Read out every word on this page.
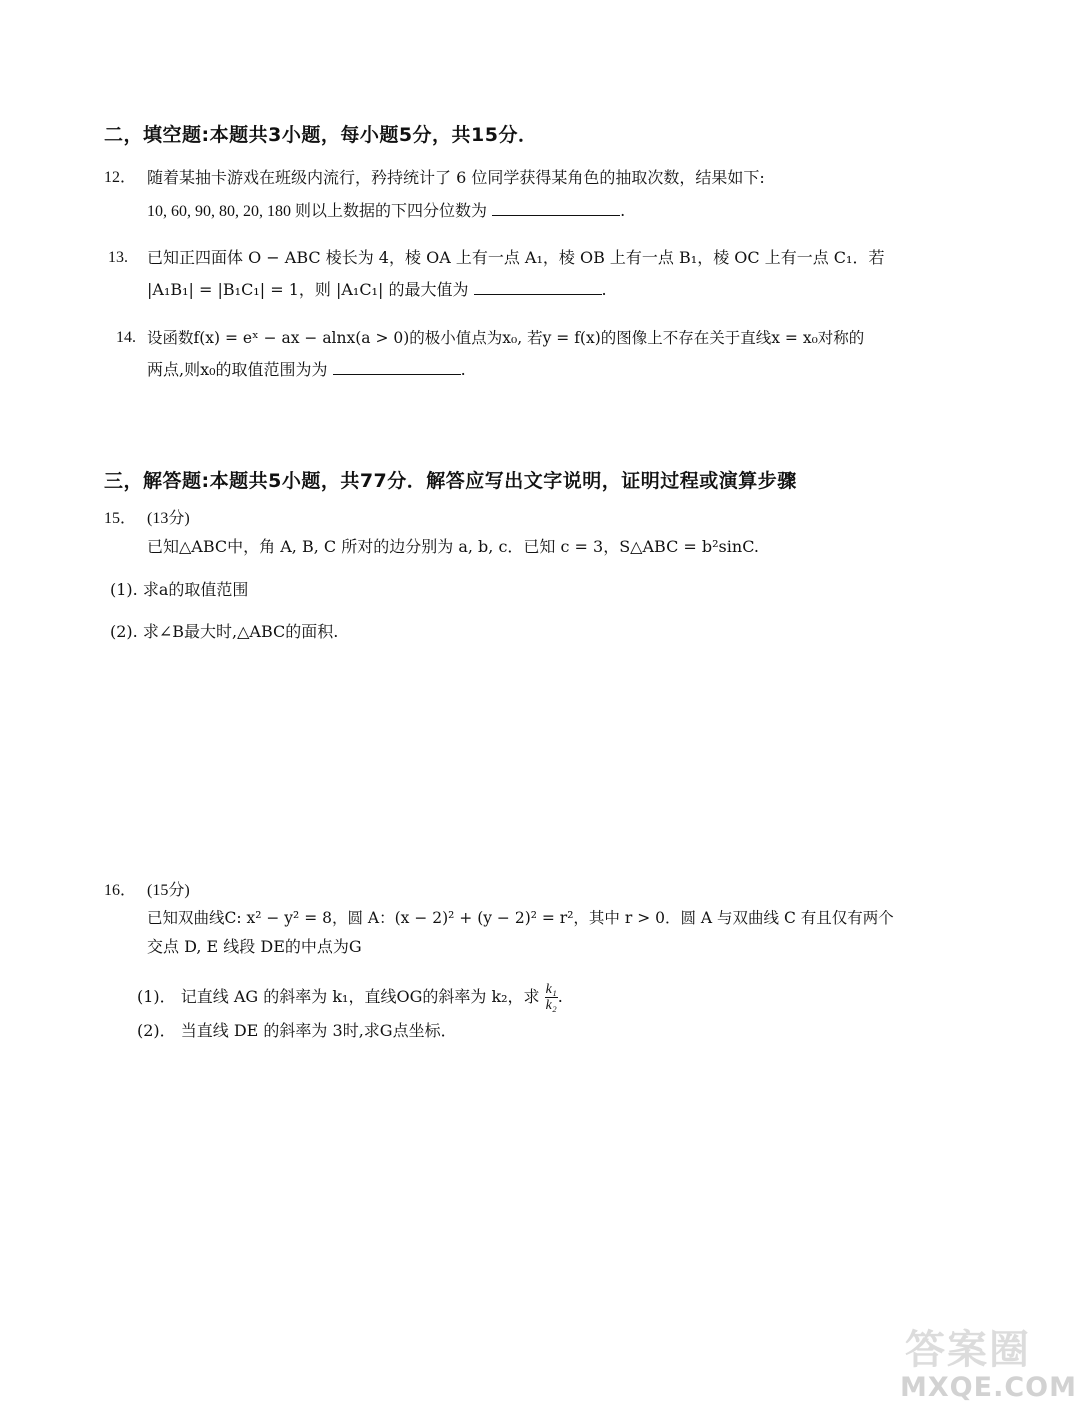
二，填空题:本题共3小题，每小题5分，共15分．
12． 随着某抽卡游戏在班级内流行，矜持统计了 6 位同学获得某角色的抽取次数，结果如下:
10, 60, 90, 80, 20, 180 则以上数据的下四分位数为	.
13. 已知正四面体 O − ABC 棱长为 4，棱 OA 上有一点 A₁，棱 OB 上有一点 B₁，棱 OC 上有一点 C₁．若
|A₁B₁| = |B₁C₁| = 1，则 |A₁C₁| 的最大值为	.
14. 设函数f(x) = eˣ − ax − alnx(a > 0)的极小值点为x₀, 若y = f(x)的图像上不存在关于直线x = x₀对称的
两点,则x₀的取值范围为为	.
三，解答题:本题共5小题，共77分．解答应写出文字说明，证明过程或演算步骤
15． (13分)
已知△ABC中，角 A, B, C 所对的边分别为 a, b, c．已知 c = 3，S△ABC = b²sinC.
(1). 求a的取值范围
(2). 求∠B最大时,△ABC的面积.
16． (15分)
已知双曲线C: x² − y² = 8，圆 A：(x − 2)² + (y − 2)² = r²，其中 r > 0．圆 A 与双曲线 C 有且仅有两个
交点 D, E 线段 DE的中点为G
(1)． 记直线 AG 的斜率为 k₁，直线OG的斜率为 k₂，求 $\frac{\text{k₁}}{\text{k₂}}$ .
(2)． 当直线 DE 的斜率为 3时,求G点坐标．
答案圈
MXQE.COM
